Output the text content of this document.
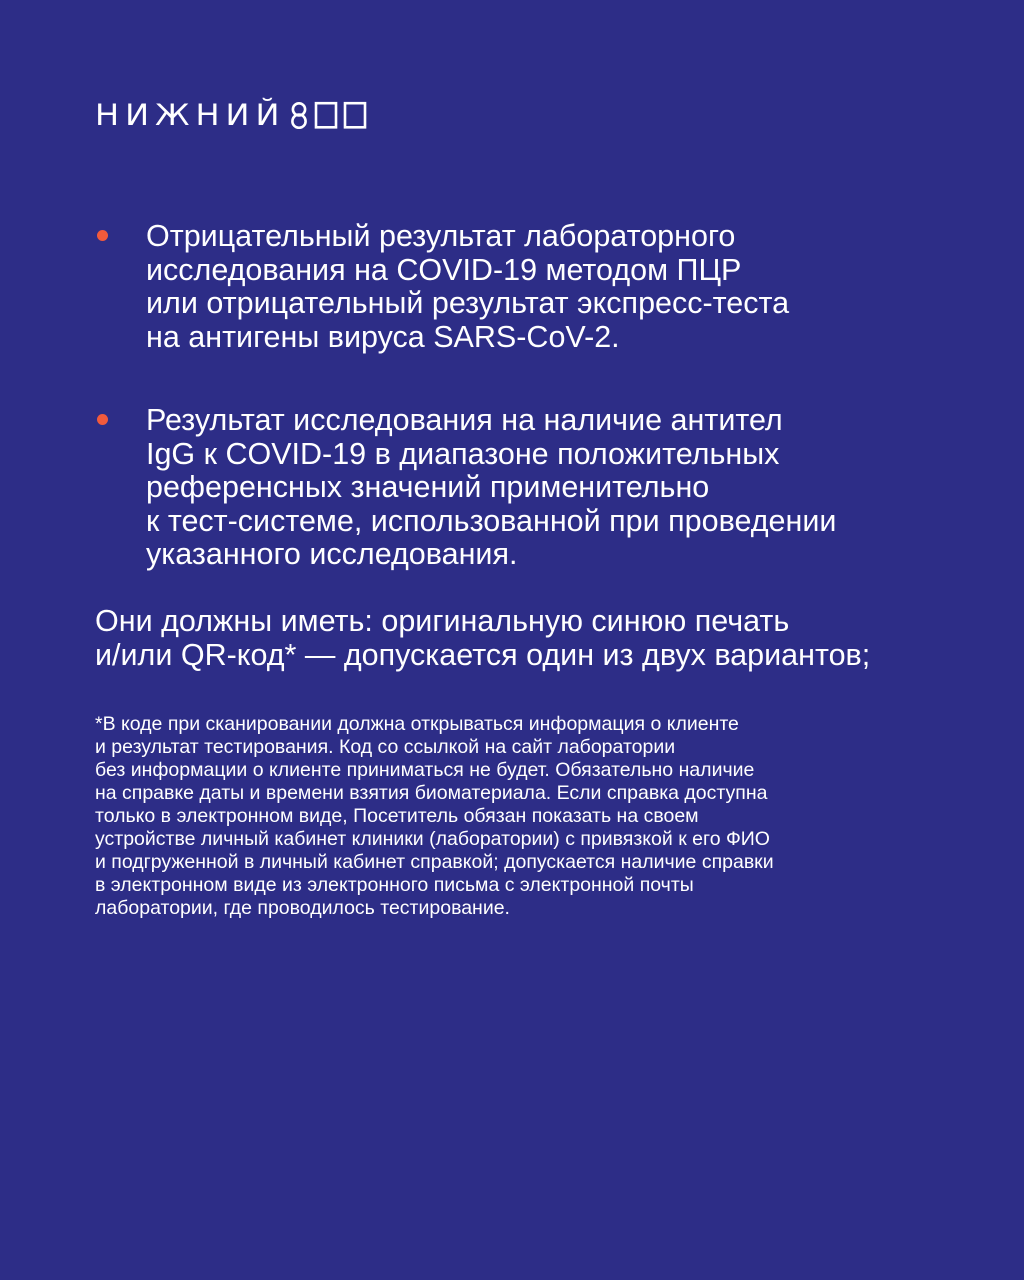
НИЖНИЙ
Отрицательный результат лабораторного
исследования на COVID-19 методом ПЦР
или отрицательный результат экспресс-теста
на антигены вируса SARS-CoV-2.
Результат исследования на наличие антител
IgG к COVID-19 в диапазоне положительных
референсных значений применительно
к тест-системе, использованной при проведении
указанного исследования.
Они должны иметь: оригинальную синюю печать
и/или QR-код* — допускается один из двух вариантов;
*В коде при сканировании должна открываться информация о клиенте
и результат тестирования. Код со ссылкой на сайт лаборатории
без информации о клиенте приниматься не будет. Обязательно наличие
на справке даты и времени взятия биоматериала. Если справка доступна
только в электронном виде, Посетитель обязан показать на своем
устройстве личный кабинет клиники (лаборатории) с привязкой к его ФИО
и подгруженной в личный кабинет справкой; допускается наличие справки
в электронном виде из электронного письма с электронной почты
лаборатории, где проводилось тестирование.
